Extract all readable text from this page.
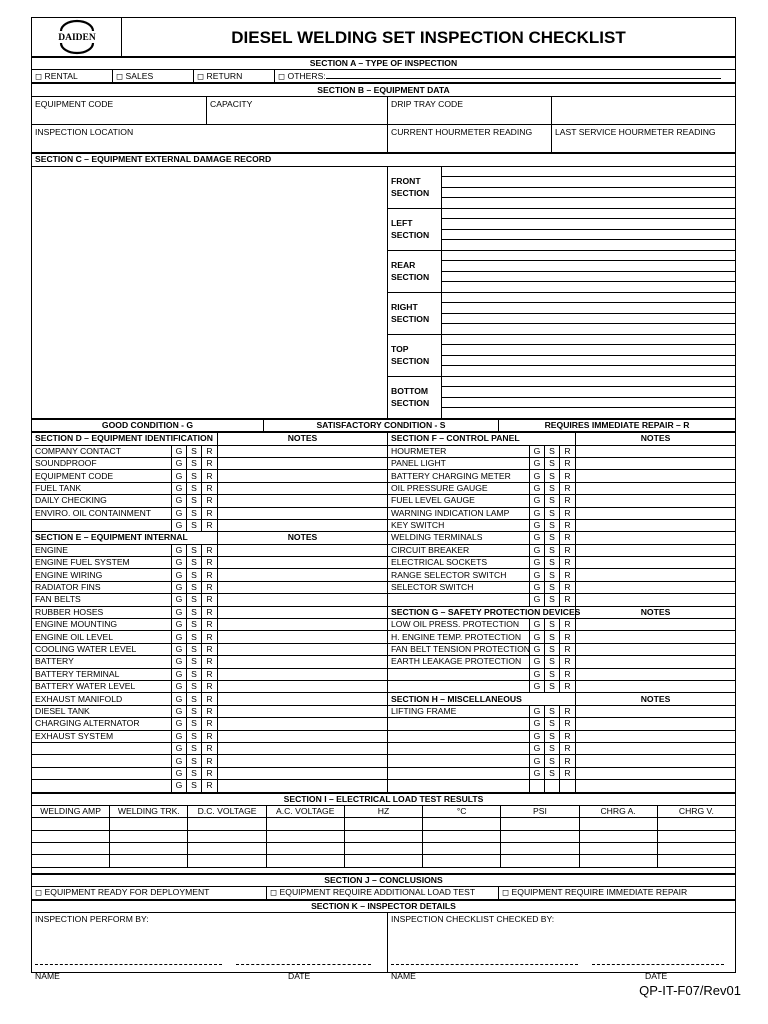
DAIDEN	DIESEL WELDING SET INSPECTION CHECKLIST
SECTION A – TYPE OF INSPECTION
◻ RENTAL	◻ SALES	◻ RETURN	◻ OTHERS:
SECTION B – EQUIPMENT DATA			
EQUIPMENT CODE	CAPACITY	DRIP TRAY CODE	
INSPECTION LOCATION		CURRENT HOURMETER READING	LAST SERVICE HOURMETER READING
SECTION C – EQUIPMENT EXTERNAL DAMAGE RECORD		
	FRONT
SECTION	

	LEFT
SECTION	

	REAR
SECTION	

	RIGHT
SECTION	

	TOP
SECTION	

	BOTTOM
SECTION	
GOOD CONDITION - G	SATISFACTORY CONDITION - S	REQUIRES IMMEDIATE REPAIR – R
SECTION D – EQUIPMENT IDENTIFICATION				NOTES	SECTION F – CONTROL PANEL				NOTES
COMPANY CONTACT	G	S	R		HOURMETER	G	S	R	
SOUNDPROOF	G	S	R		PANEL LIGHT	G	S	R	
EQUIPMENT CODE	G	S	R		BATTERY CHARGING METER	G	S	R	
FUEL TANK	G	S	R		OIL PRESSURE GAUGE	G	S	R	
DAILY CHECKING	G	S	R		FUEL LEVEL GAUGE	G	S	R	
ENVIRO. OIL CONTAINMENT	G	S	R		WARNING INDICATION LAMP	G	S	R	
	G	S	R		KEY SWITCH	G	S	R	
SECTION E – EQUIPMENT INTERNAL				NOTES	WELDING TERMINALS	G	S	R	
ENGINE	G	S	R		CIRCUIT BREAKER	G	S	R	
ENGINE FUEL SYSTEM	G	S	R		ELECTRICAL SOCKETS	G	S	R	
ENGINE WIRING	G	S	R		RANGE SELECTOR SWITCH	G	S	R	
RADIATOR FINS	G	S	R		SELECTOR SWITCH	G	S	R	
FAN BELTS	G	S	R			G	S	R	
RUBBER HOSES	G	S	R		SECTION G – SAFETY PROTECTION DEVICES				NOTES
ENGINE MOUNTING	G	S	R		LOW OIL PRESS. PROTECTION	G	S	R	
ENGINE OIL LEVEL	G	S	R		H. ENGINE TEMP. PROTECTION	G	S	R	
COOLING WATER LEVEL	G	S	R		FAN BELT TENSION PROTECTION	G	S	R	
BATTERY	G	S	R		EARTH LEAKAGE PROTECTION	G	S	R	
BATTERY TERMINAL	G	S	R			G	S	R	
BATTERY WATER LEVEL	G	S	R			G	S	R	
EXHAUST MANIFOLD	G	S	R		SECTION H – MISCELLANEOUS				NOTES
DIESEL TANK	G	S	R		LIFTING FRAME	G	S	R	
CHARGING ALTERNATOR	G	S	R			G	S	R	
EXHAUST SYSTEM	G	S	R			G	S	R	
	G	S	R			G	S	R	
	G	S	R			G	S	R	
	G	S	R			G	S	R	
	G	S	R						
SECTION I – ELECTRICAL LOAD TEST RESULTS								
WELDING AMP	WELDING TRK.	D.C. VOLTAGE	A.C. VOLTAGE	HZ	°C	PSI	CHRG A.	CHRG V.

SECTION J – CONCLUSIONS
◻ EQUIPMENT READY FOR DEPLOYMENT	◻ EQUIPMENT REQUIRE ADDITIONAL LOAD TEST	◻ EQUIPMENT REQUIRE IMMEDIATE REPAIR
SECTION K – INSPECTOR DETAILS

INSPECTION PERFORM BY:

NAME	DATE

INSPECTION CHECKLIST CHECKED BY:

NAME	DATE
QP-IT-F07/Rev01
